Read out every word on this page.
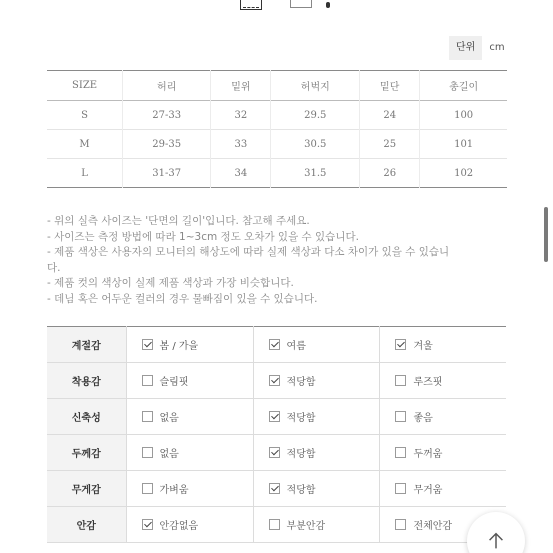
단위	cm
SIZE	허리	밑위	허벅지	밑단	총길이
S	27-33	32	29.5	24	100
M	29-35	33	30.5	25	101
L	31-37	34	31.5	26	102
- 위의 실측 사이즈는 '단면의 길이'입니다. 참고해 주세요.
- 사이즈는 측정 방법에 따라 1~3cm 정도 오차가 있을 수 있습니다.
- 제품 색상은 사용자의 모니터의 해상도에 따라 실제 색상과 다소 차이가 있을 수 있습니
다.
- 제품 컷의 색상이 실제 제품 색상과 가장 비슷합니다.
- 데님 혹은 어두운 컬러의 경우 물빠짐이 있을 수 있습니다.
계절감	봄 / 가을	여름	겨울

착용감	슬림핏	적당함	루즈핏

신축성	없음	적당함	좋음

두께감	없음	적당함	두꺼움

무게감	가벼움	적당함	무거움

안감	안감없음	부분안감	전체안감
